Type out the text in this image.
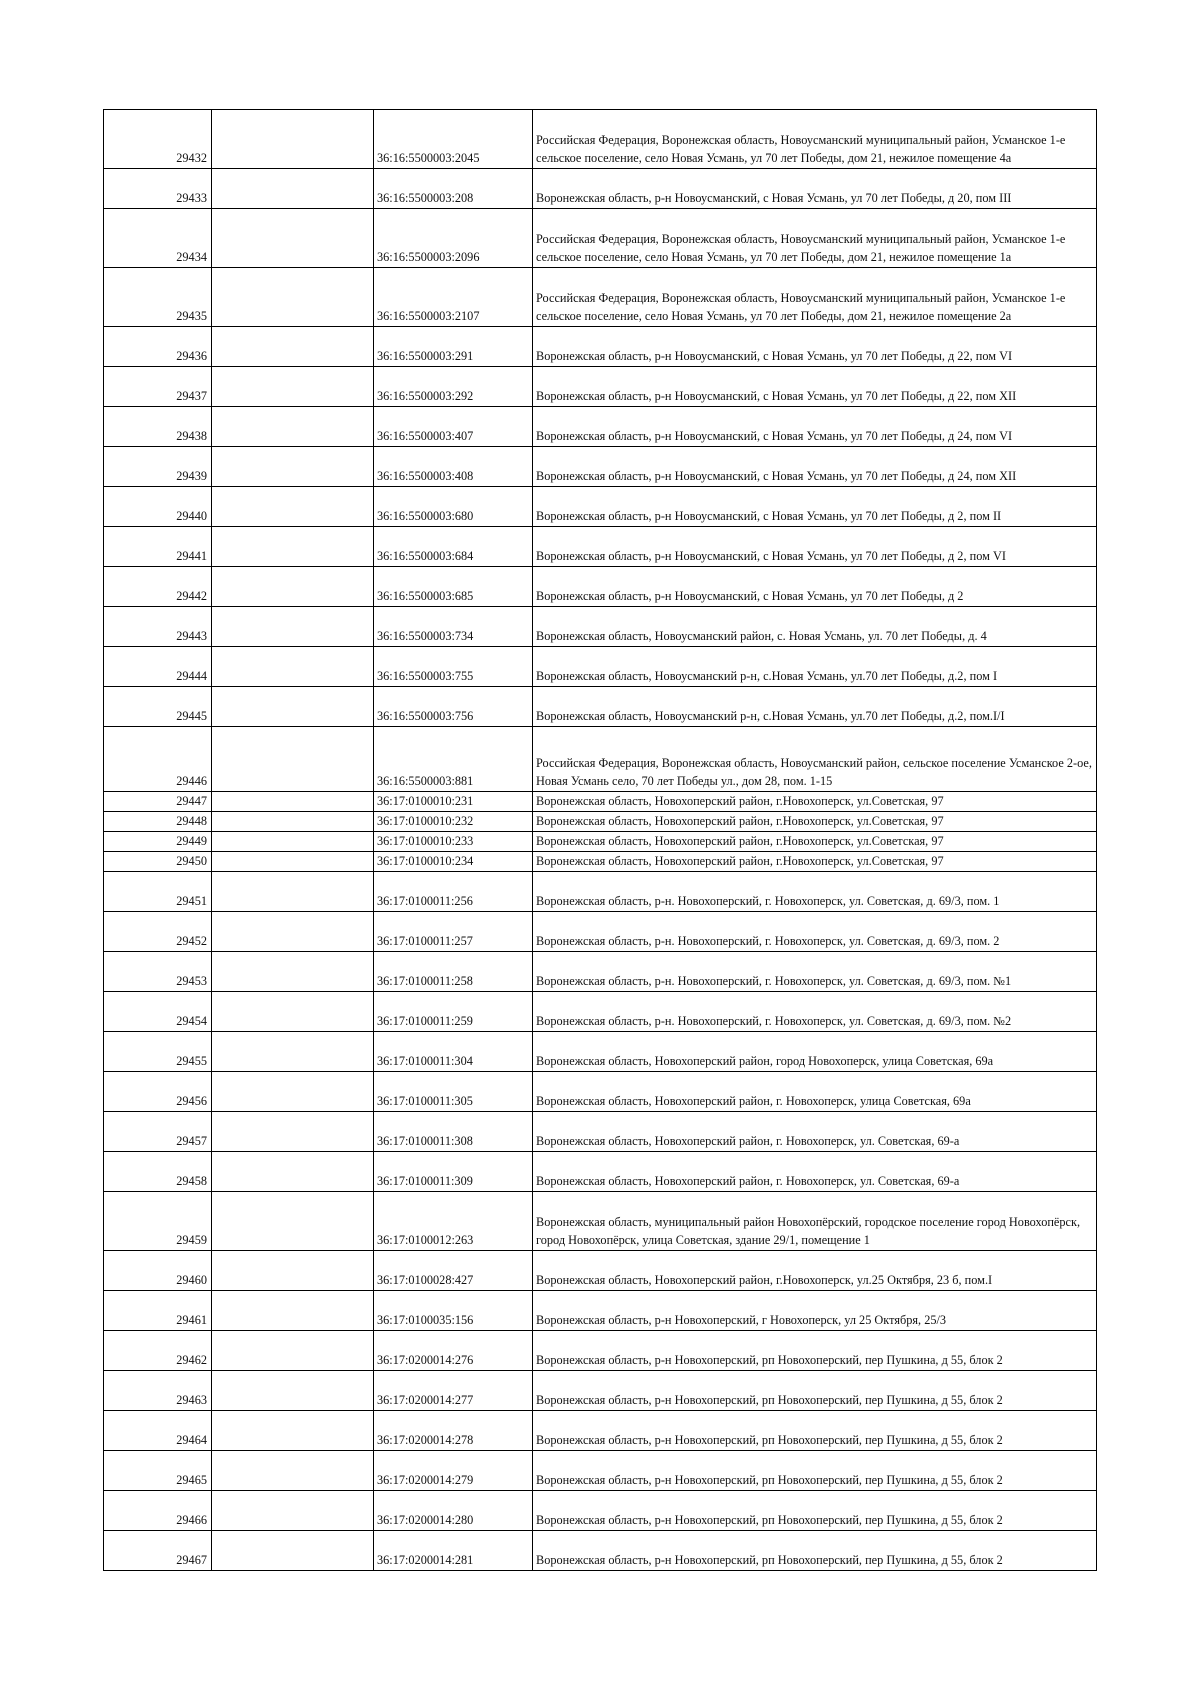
29432		36:16:5500003:2045	Российская Федерация, Воронежская область, Новоусманский муниципальный район, Усманское 1-е сельское поселение, село Новая Усмань, ул 70 лет Победы, дом 21, нежилое помещение 4а
29433		36:16:5500003:208	Воронежская область, р-н Новоусманский, с Новая Усмань, ул 70 лет Победы, д 20, пом III
29434		36:16:5500003:2096	Российская Федерация, Воронежская область, Новоусманский муниципальный район, Усманское 1-е сельское поселение, село Новая Усмань, ул 70 лет Победы, дом 21, нежилое помещение 1а
29435		36:16:5500003:2107	Российская Федерация, Воронежская область, Новоусманский муниципальный район, Усманское 1-е сельское поселение, село Новая Усмань, ул 70 лет Победы, дом 21, нежилое помещение 2а
29436		36:16:5500003:291	Воронежская область, р-н Новоусманский, с Новая Усмань, ул 70 лет Победы, д 22, пом VI
29437		36:16:5500003:292	Воронежская область, р-н Новоусманский, с Новая Усмань, ул 70 лет Победы, д 22, пом XII
29438		36:16:5500003:407	Воронежская область, р-н Новоусманский, с Новая Усмань, ул 70 лет Победы, д 24, пом VI
29439		36:16:5500003:408	Воронежская область, р-н Новоусманский, с Новая Усмань, ул 70 лет Победы, д 24, пом XII
29440		36:16:5500003:680	Воронежская область, р-н Новоусманский, с Новая Усмань, ул 70 лет Победы, д 2, пом II
29441		36:16:5500003:684	Воронежская область, р-н Новоусманский, с Новая Усмань, ул 70 лет Победы, д 2, пом VI
29442		36:16:5500003:685	Воронежская область, р-н Новоусманский, с Новая Усмань, ул 70 лет Победы, д 2
29443		36:16:5500003:734	Воронежская область, Новоусманский район, с. Новая Усмань, ул. 70 лет Победы, д. 4
29444		36:16:5500003:755	Воронежская область, Новоусманский р-н, с.Новая Усмань, ул.70 лет Победы, д.2, пом I
29445		36:16:5500003:756	Воронежская область, Новоусманский р-н, с.Новая Усмань, ул.70 лет Победы, д.2, пом.I/I
29446		36:16:5500003:881	Российская Федерация, Воронежская область, Новоусманский район, сельское поселение Усманское 2-ое, Новая Усмань село, 70 лет Победы ул., дом 28, пом. 1-15
29447		36:17:0100010:231	Воронежская область, Новохоперский район, г.Новохоперск, ул.Советская, 97
29448		36:17:0100010:232	Воронежская область, Новохоперский район, г.Новохоперск, ул.Советская, 97
29449		36:17:0100010:233	Воронежская область, Новохоперский район, г.Новохоперск, ул.Советская, 97
29450		36:17:0100010:234	Воронежская область, Новохоперский район, г.Новохоперск, ул.Советская, 97
29451		36:17:0100011:256	Воронежская область, р-н. Новохоперский, г. Новохоперск, ул. Советская, д. 69/3, пом. 1
29452		36:17:0100011:257	Воронежская область, р-н. Новохоперский, г. Новохоперск, ул. Советская, д. 69/3, пом. 2
29453		36:17:0100011:258	Воронежская область, р-н. Новохоперский, г. Новохоперск, ул. Советская, д. 69/3, пом. №1
29454		36:17:0100011:259	Воронежская область, р-н. Новохоперский, г. Новохоперск, ул. Советская, д. 69/3, пом. №2
29455		36:17:0100011:304	Воронежская область, Новохоперский район, город Новохоперск, улица Советская, 69а
29456		36:17:0100011:305	Воронежская область, Новохоперский район, г. Новохоперск, улица Советская, 69а
29457		36:17:0100011:308	Воронежская область, Новохоперский район, г. Новохоперск, ул. Советская, 69-а
29458		36:17:0100011:309	Воронежская область, Новохоперский район, г. Новохоперск, ул. Советская, 69-а
29459		36:17:0100012:263	Воронежская область, муниципальный район Новохопёрский, городское поселение город Новохопёрск, город Новохопёрск, улица Советская, здание 29/1, помещение 1
29460		36:17:0100028:427	Воронежская область, Новохоперский район, г.Новохоперск, ул.25 Октября, 23 б, пом.I
29461		36:17:0100035:156	Воронежская область, р-н Новохоперский, г Новохоперск, ул 25 Октября, 25/3
29462		36:17:0200014:276	Воронежская область, р-н Новохоперский, рп Новохоперский, пер Пушкина, д 55, блок 2
29463		36:17:0200014:277	Воронежская область, р-н Новохоперский, рп Новохоперский, пер Пушкина, д 55, блок 2
29464		36:17:0200014:278	Воронежская область, р-н Новохоперский, рп Новохоперский, пер Пушкина, д 55, блок 2
29465		36:17:0200014:279	Воронежская область, р-н Новохоперский, рп Новохоперский, пер Пушкина, д 55, блок 2
29466		36:17:0200014:280	Воронежская область, р-н Новохоперский, рп Новохоперский, пер Пушкина, д 55, блок 2
29467		36:17:0200014:281	Воронежская область, р-н Новохоперский, рп Новохоперский, пер Пушкина, д 55, блок 2
